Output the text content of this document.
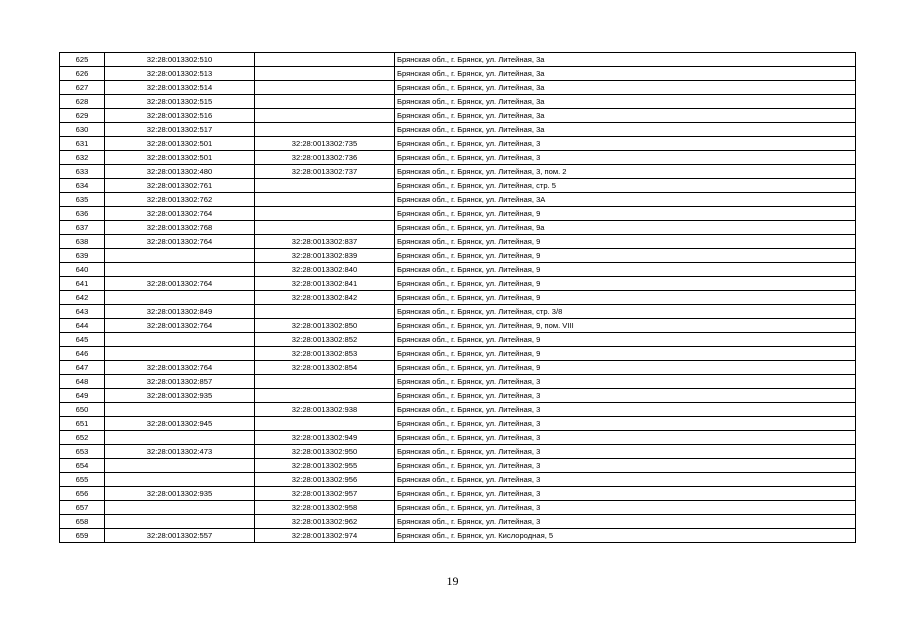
625	32:28:0013302:510		Брянская обл., г. Брянск, ул. Литейная, 3а
626	32:28:0013302:513		Брянская обл., г. Брянск, ул. Литейная, 3а
627	32:28:0013302:514		Брянская обл., г. Брянск, ул. Литейная, 3а
628	32:28:0013302:515		Брянская обл., г. Брянск, ул. Литейная, 3а
629	32:28:0013302:516		Брянская обл., г. Брянск, ул. Литейная, 3а
630	32:28:0013302:517		Брянская обл., г. Брянск, ул. Литейная, 3а
631	32:28:0013302:501	32:28:0013302:735	Брянская обл., г. Брянск, ул. Литейная, 3
632	32:28:0013302:501	32:28:0013302:736	Брянская обл., г. Брянск, ул. Литейная, 3
633	32:28:0013302:480	32:28:0013302:737	Брянская обл., г. Брянск, ул. Литейная, 3, пом. 2
634	32:28:0013302:761		Брянская обл., г. Брянск, ул. Литейная, стр. 5
635	32:28:0013302:762		Брянская обл., г. Брянск, ул. Литейная, 3А
636	32:28:0013302:764		Брянская обл., г. Брянск, ул. Литейная, 9
637	32:28:0013302:768		Брянская обл., г. Брянск, ул. Литейная, 9а
638	32:28:0013302:764	32:28:0013302:837	Брянская обл., г. Брянск, ул. Литейная, 9
639		32:28:0013302:839	Брянская обл., г. Брянск, ул. Литейная, 9
640		32:28:0013302:840	Брянская обл., г. Брянск, ул. Литейная, 9
641	32:28:0013302:764	32:28:0013302:841	Брянская обл., г. Брянск, ул. Литейная, 9
642		32:28:0013302:842	Брянская обл., г. Брянск, ул. Литейная, 9
643	32:28:0013302:849		Брянская обл., г. Брянск, ул. Литейная, стр. 3/8
644	32:28:0013302:764	32:28:0013302:850	Брянская обл., г. Брянск, ул. Литейная, 9, пом. VIII
645		32:28:0013302:852	Брянская обл., г. Брянск, ул. Литейная, 9
646		32:28:0013302:853	Брянская обл., г. Брянск, ул. Литейная, 9
647	32:28:0013302:764	32:28:0013302:854	Брянская обл., г. Брянск, ул. Литейная, 9
648	32:28:0013302:857		Брянская обл., г. Брянск, ул. Литейная, 3
649	32:28:0013302:935		Брянская обл., г. Брянск, ул. Литейная, 3
650		32:28:0013302:938	Брянская обл., г. Брянск, ул. Литейная, 3
651	32:28:0013302:945		Брянская обл., г. Брянск, ул. Литейная, 3
652		32:28:0013302:949	Брянская обл., г. Брянск, ул. Литейная, 3
653	32:28:0013302:473	32:28:0013302:950	Брянская обл., г. Брянск, ул. Литейная, 3
654		32:28:0013302:955	Брянская обл., г. Брянск, ул. Литейная, 3
655		32:28:0013302:956	Брянская обл., г. Брянск, ул. Литейная, 3
656	32:28:0013302:935	32:28:0013302:957	Брянская обл., г. Брянск, ул. Литейная, 3
657		32:28:0013302:958	Брянская обл., г. Брянск, ул. Литейная, 3
658		32:28:0013302:962	Брянская обл., г. Брянск, ул. Литейная, 3
659	32:28:0013302:557	32:28:0013302:974	Брянская обл., г. Брянск, ул. Кислородная, 5
19
